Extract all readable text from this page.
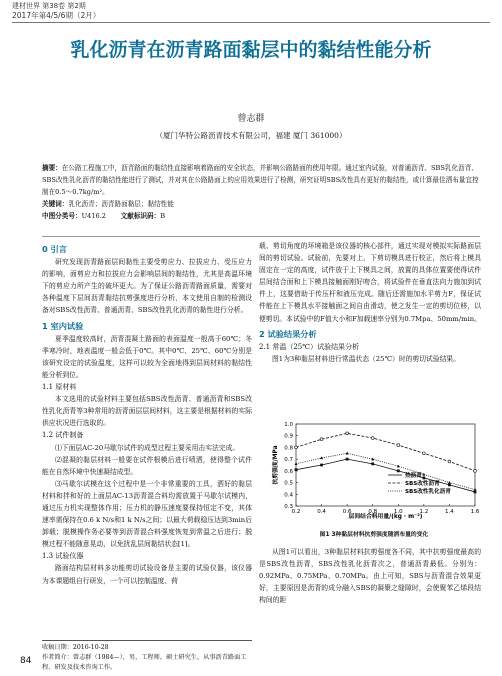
建材世界 第38卷 第2期
2017年第4/5/6期（2月）
乳化沥青在沥青路面黏层中的黏结性能分析
曾志群
（厦门华特公路沥青技术有限公司，福建 厦门 361000）
摘要：在公路工程施工中，沥青路面的黏结性直接影响着路面的安全状态，并影响公路路面的使用年限。通过室内试验，对普通沥青、SBS乳化沥青、SBS改性乳化沥青的黏结性能进行了测试，并对其在公路路面上的应用效果进行了检测，研究证明SBS改性具有更好的黏结性，或计算最佳洒布量宜控制在0.5～0.7kg/m²。
关键词：乳化沥青；沥青路面黏层；黏结性能
中图分类号：U416.2 文献标识码：B
0 引言

研究发现沥青路面层间黏性主要受剪应力、拉拔应力、受压应力的影响，面剪应力和拉拔应力会影响层间的黏结性，尤其是高温环境下的剪应力所产生的破坏更大。为了保证公路沥青路面质量，需要对各种温度下层间沥青黏结抗剪强度进行分析，本文使用自制的检测设备对SBS改性沥青、普通沥青、SBS改性乳化沥青的黏性进行分析。

1 室内试验

夏季温度较高时，沥青混凝土路面的表面温度一般高于60℃；冬季寒冷时，地表温度一般会低于0℃。其中0℃、25℃、60℃分别是该研究设定的试验温度，这样可以较为全面地得到层间材料的黏结性能分析到位。

1.1 原材料

本文选用的试验材料主要包括SBS改性沥青、普通沥青和SBS改性乳化沥青等3种常用的沥青面层层间材料，这主要是根据材料的实际供应状况进行选取的。

1.2 试件制备

⑴下面层AC-20马歇尔试件的成型过程主要采用击实法完成。

⑵混凝的黏层材料一般要在试件根模后进行喷洒，使得整个试件能在自然环境中快速凝结成型。

⑶马歇尔试模在这个过程中是一个非常重要的工具，洒好的黏层材料和拌和好的上面层AC-13沥青混合料均需放置于马歇尔试模内，通过压力机实现整体作用；压力机的静压速度要保持恒定不变，其体速率需保持在0.6 k N/s和1 k N/s之间；以最大荷载稳压达到3min后卸载；脱模操作务必要等到沥青混合料强度恢复到常温之后进行；脱模过程不能随意晃动，以免扰乱层间黏结状态[1]。

1.3 试验仪器

路面结构层材料多功能剪切试验设备是主要的试验仪器，该仪器为本课题组自行研发，一个可以控制温度、荷

载、剪切角度的环境箱是该仪器的核心部件，通过实现对模拟实际路面层间的剪切试验。试验前，先要对上、下剪切模具进行校正，然后将上模具固定在一定的高度，试件放于上下模具之间，放置的具体位置要使得试件层间结合面和上下模具接触面刚好吻合，将试验件在垂直法向力施加到试件上，这要借助于传压杆和液压完成。随后还需施加水平剪力F，保证试件能在上下模具水平接触面之间自由滑动，使之发生一定的剪切位移，以便剪切。本试验中的F值大小和F加载速率分别为0.7Mpa、50mm/min。

2 试验结果分析
2.1 常温（25℃）试验结果分析

图1为3种黏层材料进行常温状态（25℃）时的剪切试验结果。

0.3
0.4
0.5
0.6
0.7
0.8
0.9
1.0
0.2	0.4	0.6	0.8	1.0	1.2	1.4	1.6
层间结合料用量/(kg · m⁻²)
抗剪强度/MPa	热沥青
SBS改性沥青
SBS改性乳化沥青
图1 3种黏层材料抗剪强度随洒布量的变化

从图1可以看出，3种黏层材料抗剪强度各不同，其中抗剪强度最高的是SBS改性沥青，SBS改性乳化沥青次之，普通沥青最低。分别为：0.92MPa、0.75MPa、0.70MPa。由上可知，SBS与沥青混合效果更好，主要原因是沥青的成分融入SBS的凝聚之缝隙时，会使聚苯乙烯段结构间的距

收稿日期：2016-10-28
作者简介：曾志群（1984—），男，工程师，硕士研究生，从事沥青路面工程、研发及技术咨询工作。
84
